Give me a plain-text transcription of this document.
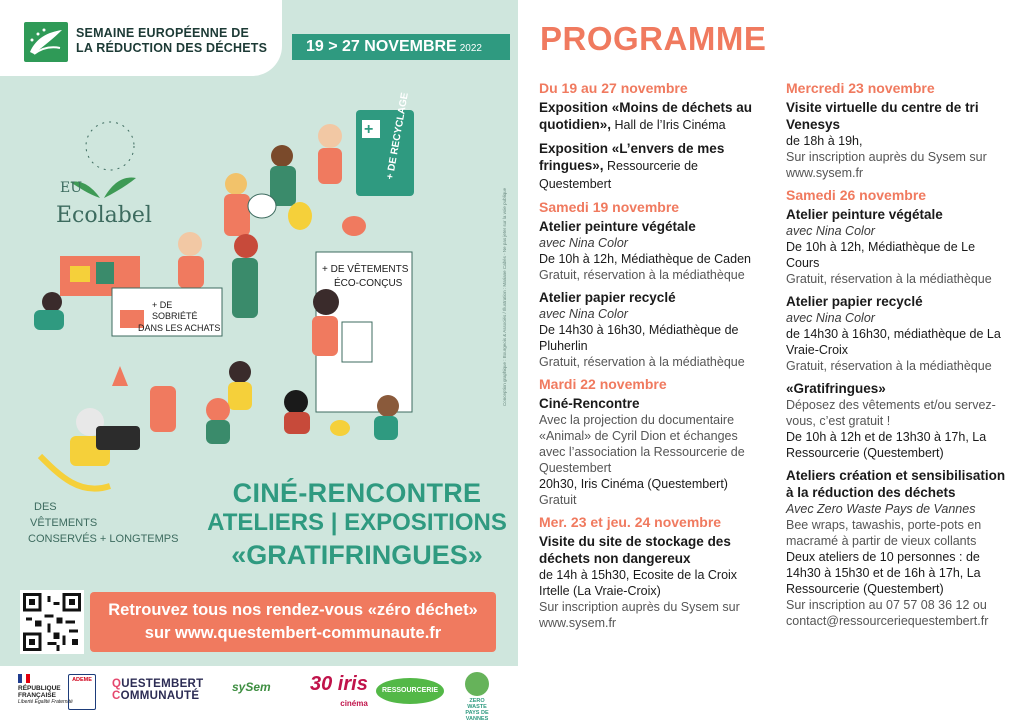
SEMAINE EUROPÉENNE DE
LA RÉDUCTION DES DÉCHETS	19 > 27 NOVEMBRE 2022
EU
Ecolabel
+ + DE RECYCLAGE
+ DE
SOBRIÉTÉ
DANS LES ACHATS
+ DE VÊTEMENTS
ÉCO-CONÇUS
DES
VÊTEMENTS
CONSERVÉS + LONGTEMPS
Conception graphique : Bourgeois & Associés / Illustration : Mariane Cabès - Ne pas jeter sur la voie publique
CINÉ-RENCONTRE
ATELIERS | EXPOSITIONS
«GRATIFRINGUES»
Retrouvez tous nos rendez-vous «zéro déchet»
sur www.questembert-communaute.fr
RÉPUBLIQUE
FRANÇAISE
Liberté Égalité Fraternité
ADEME	QUESTEMBERT
COMMUNAUTÉ
sySem 30 iris
cinéma
RESSOURCERIE
ZERO WASTE PAYS DE VANNES
PROGRAMME
Du 19 au 27 novembre
Exposition «Moins de déchets au quotidien», Hall de l’Iris Cinéma
Exposition «L’envers de mes fringues», Ressourcerie de Questembert
Samedi 19 novembre
Atelier peinture végétale
avec Nina Color
De 10h à 12h, Médiathèque de Caden
Gratuit, réservation à la médiathèque
Atelier papier recyclé
avec Nina Color
De 14h30 à 16h30, Médiathèque de Pluherlin
Gratuit, réservation à la médiathèque
Mardi 22 novembre
Ciné-Rencontre
Avec la projection du documentaire «Animal» de Cyril Dion et échanges avec l’association la Ressourcerie de Questembert
20h30, Iris Cinéma (Questembert)
Gratuit
Mer. 23 et jeu. 24 novembre
Visite du site de stockage des déchets non dangereux
de 14h à 15h30, Ecosite de la Croix Irtelle (La Vraie-Croix)
Sur inscription auprès du Sysem sur www.sysem.fr
Mercredi 23 novembre
Visite virtuelle du centre de tri Venesys
de 18h à 19h,
Sur inscription auprès du Sysem sur www.sysem.fr
Samedi 26 novembre
Atelier peinture végétale
avec Nina Color
De 10h à 12h, Médiathèque de Le Cours
Gratuit, réservation à la médiathèque
Atelier papier recyclé
avec Nina Color
de 14h30 à 16h30, médiathèque de La Vraie-Croix
Gratuit, réservation à la médiathèque
«Gratifringues»
Déposez des vêtements et/ou servez-vous, c’est gratuit !
De 10h à 12h et de 13h30 à 17h, La Ressourcerie (Questembert)
Ateliers création et sensibilisation à la réduction des déchets
Avec Zero Waste Pays de Vannes
Bee wraps, tawashis, porte-pots en macramé à partir de vieux collants
Deux ateliers de 10 personnes : de 14h30 à 15h30 et de 16h à 17h, La Ressourcerie (Questembert)
Sur inscription au 07 57 08 36 12 ou contact@ressourceriequestembert.fr
